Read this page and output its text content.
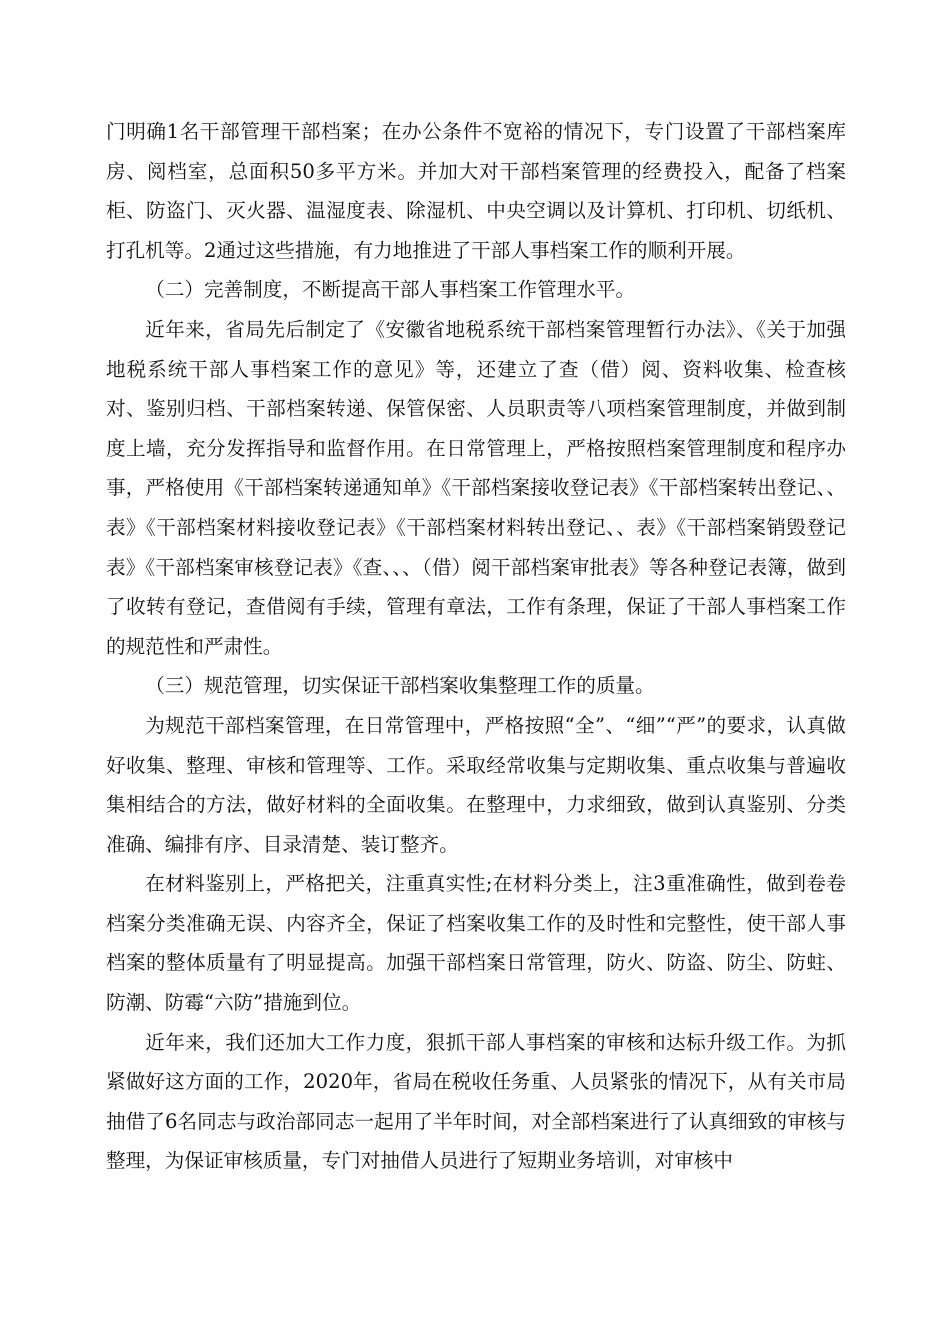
门明确1名干部管理干部档案；在办公条件不宽裕的情况下，专门设置了干部档案库房、阅档室，总面积50多平方米。并加大对干部档案管理的经费投入，配备了档案柜、防盗门、灭火器、温湿度表、除湿机、中央空调以及计算机、打印机、切纸机、打孔机等。2通过这些措施，有力地推进了干部人事档案工作的顺利开展。

（二）完善制度，不断提高干部人事档案工作管理水平。

近年来，省局先后制定了《安徽省地税系统干部档案管理暂行办法》、《关于加强地税系统干部人事档案工作的意见》等，还建立了查（借）阅、资料收集、检查核对、鉴别归档、干部档案转递、保管保密、人员职责等八项档案管理制度，并做到制度上墙，充分发挥指导和监督作用。在日常管理上，严格按照档案管理制度和程序办事，严格使用《干部档案转递通知单》《干部档案接收登记表》《干部档案转出登记、、表》《干部档案材料接收登记表》《干部档案材料转出登记、、表》《干部档案销毁登记表》《干部档案审核登记表》《查、、、（借）阅干部档案审批表》等各种登记表簿，做到了收转有登记，查借阅有手续，管理有章法，工作有条理，保证了干部人事档案工作的规范性和严肃性。

（三）规范管理，切实保证干部档案收集整理工作的质量。

为规范干部档案管理，在日常管理中，严格按照“全”、“细”“严”的要求，认真做好收集、整理、审核和管理等、工作。采取经常收集与定期收集、重点收集与普遍收集相结合的方法，做好材料的全面收集。在整理中，力求细致，做到认真鉴别、分类准确、编排有序、目录清楚、装订整齐。

在材料鉴别上，严格把关，注重真实性;在材料分类上，注3重准确性，做到卷卷档案分类准确无误、内容齐全，保证了档案收集工作的及时性和完整性，使干部人事档案的整体质量有了明显提高。加强干部档案日常管理，防火、防盗、防尘、防蛀、防潮、防霉“六防”措施到位。

近年来，我们还加大工作力度，狠抓干部人事档案的审核和达标升级工作。为抓紧做好这方面的工作，2020年，省局在税收任务重、人员紧张的情况下，从有关市局抽借了6名同志与政治部同志一起用了半年时间，对全部档案进行了认真细致的审核与整理，为保证审核质量，专门对抽借人员进行了短期业务培训，对审核中
